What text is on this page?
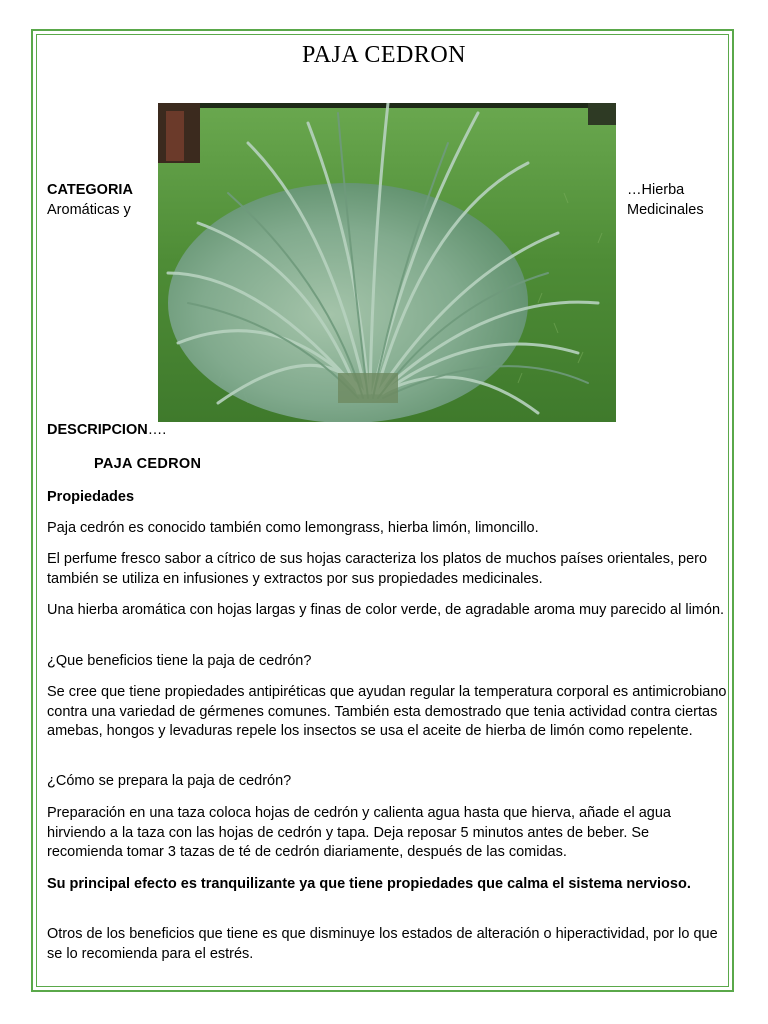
PAJA CEDRON
CATEGORIA
Aromáticas y
…Hierba
Medicinales
DESCRIPCION….
PAJA CEDRON
Propiedades
Paja cedrón es conocido también como lemongrass, hierba limón, limoncillo.
El perfume fresco sabor a cítrico de sus hojas caracteriza los platos de muchos países orientales, pero también se utiliza en infusiones y extractos por sus propiedades medicinales.
Una hierba aromática con hojas largas y finas de color verde, de agradable aroma muy parecido al limón.
¿Que beneficios tiene la paja de cedrón?
Se cree que tiene propiedades antipiréticas que ayudan regular la temperatura corporal es antimicrobiano contra una variedad de gérmenes comunes. También esta demostrado que tenia actividad contra ciertas amebas, hongos y levaduras repele los insectos se usa el aceite de hierba de limón como repelente.
¿Cómo se prepara la paja de cedrón?
Preparación en una taza coloca hojas de cedrón y calienta agua hasta que hierva, añade el agua hirviendo a la taza con las hojas de cedrón y tapa. Deja reposar 5 minutos antes de beber. Se recomienda tomar 3 tazas de té de cedrón diariamente, después de las comidas.
Su principal efecto es tranquilizante ya que tiene propiedades que calma el sistema nervioso.
Otros de los beneficios que tiene es que disminuye los estados de alteración o hiperactividad, por lo que se lo recomienda para el estrés.
